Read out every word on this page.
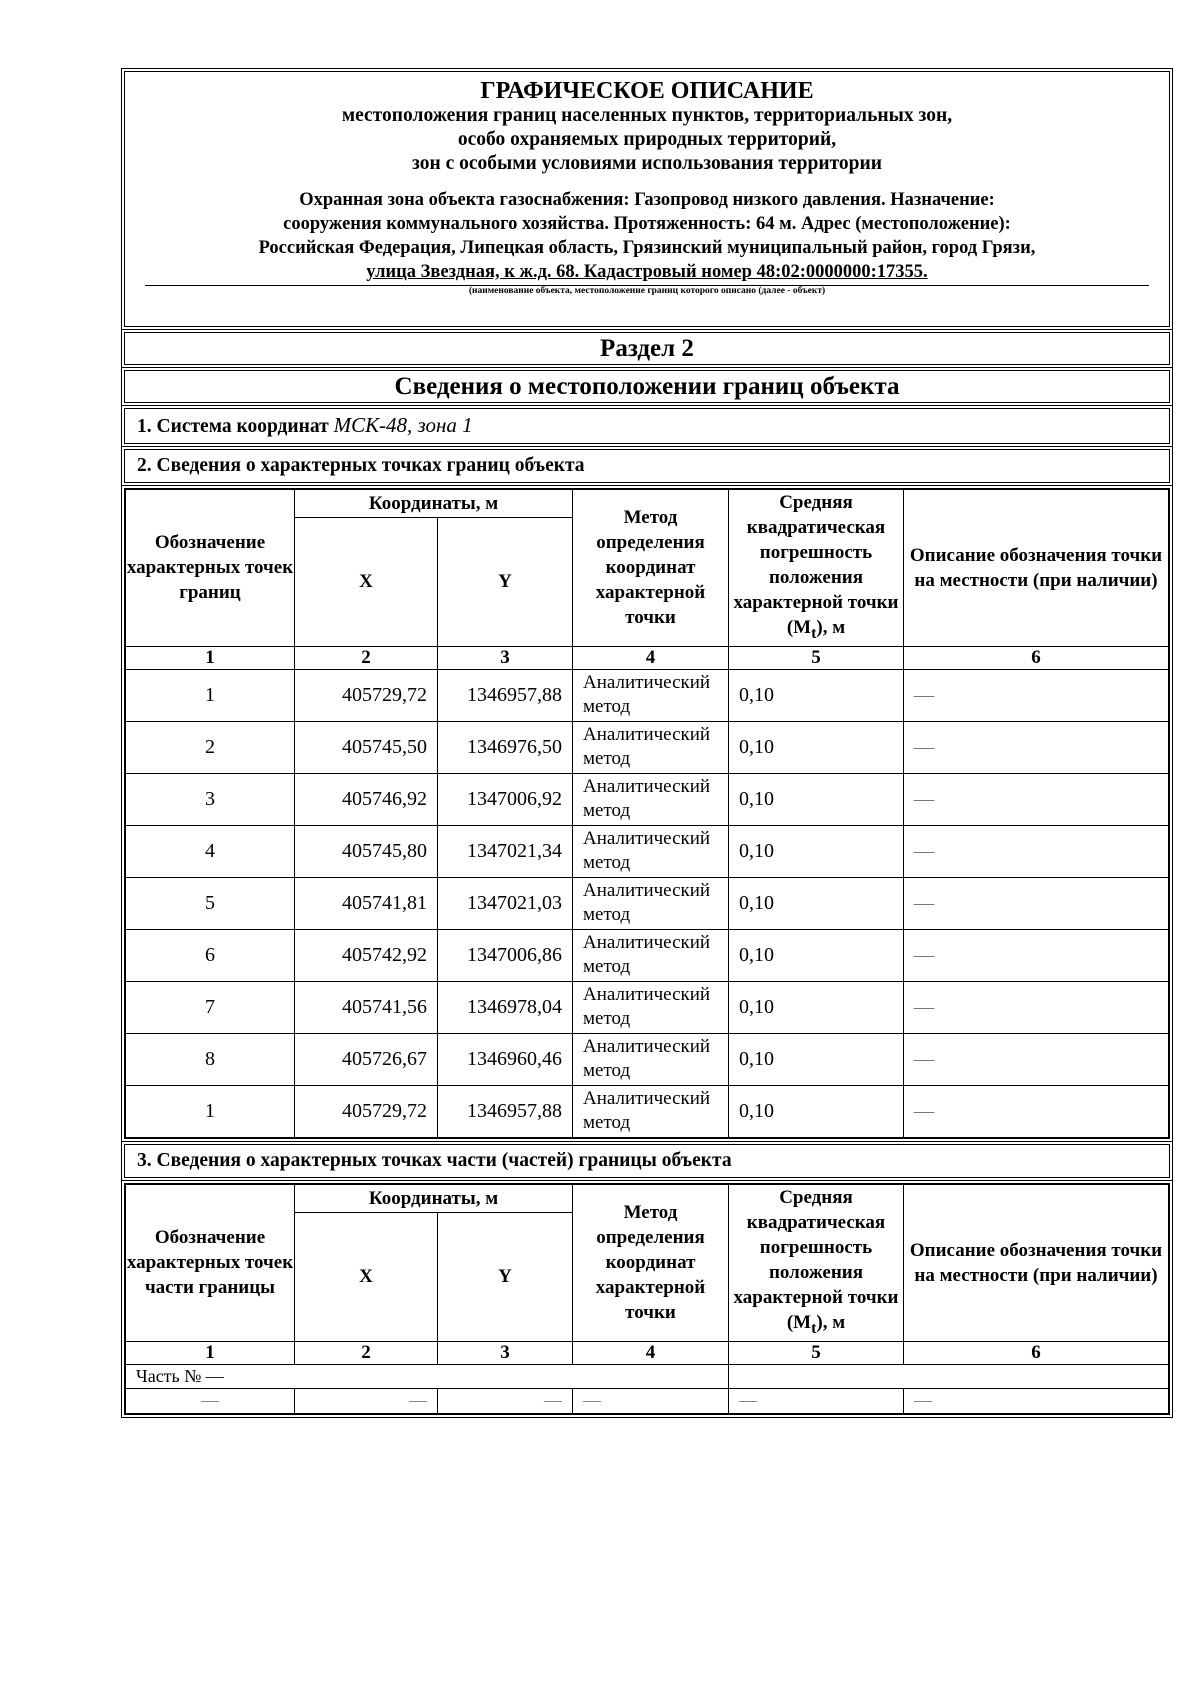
ГРАФИЧЕСКОЕ ОПИСАНИЕ
местоположения границ населенных пунктов, территориальных зон,
особо охраняемых природных территорий,
зон с особыми условиями использования территории
Охранная зона объекта газоснабжения: Газопровод низкого давления. Назначение:
сооружения коммунального хозяйства. Протяженность: 64 м. Адрес (местоположение):
Российская Федерация, Липецкая область, Грязинский муниципальный район, город Грязи,
улица Звездная, к ж.д. 68. Кадастровый номер 48:02:0000000:17355.
(наименование объекта, местоположение границ которого описано (далее - объект)
Раздел 2
Сведения о местоположении границ объекта
1. Система координат МСК-48, зона 1
2. Сведения о характерных точках границ объекта
Обозначение характерных точек границ	Координаты, м		Метод определения координат характерной точки	Средняя квадратическая погрешность положения характерной точки $(M_t)$, м	Описание обозначения точки на местности (при наличии)
	X	Y			
1	2	3	4	5	6
1	405729,72	1346957,88	Аналитический метод	0,10	—
2	405745,50	1346976,50	Аналитический метод	0,10	—
3	405746,92	1347006,92	Аналитический метод	0,10	—
4	405745,80	1347021,34	Аналитический метод	0,10	—
5	405741,81	1347021,03	Аналитический метод	0,10	—
6	405742,92	1347006,86	Аналитический метод	0,10	—
7	405741,56	1346978,04	Аналитический метод	0,10	—
8	405726,67	1346960,46	Аналитический метод	0,10	—
1	405729,72	1346957,88	Аналитический метод	0,10	—
3. Сведения о характерных точках части (частей) границы объекта
Обозначение характерных точек части границы	Координаты, м		Метод определения координат характерной точки	Средняя квадратическая погрешность положения характерной точки $(M_t)$, м	Описание обозначения точки на местности (при наличии)
	X	Y			
1	2	3	4	5	6
Часть № —					
—	—	—	—	—	—
